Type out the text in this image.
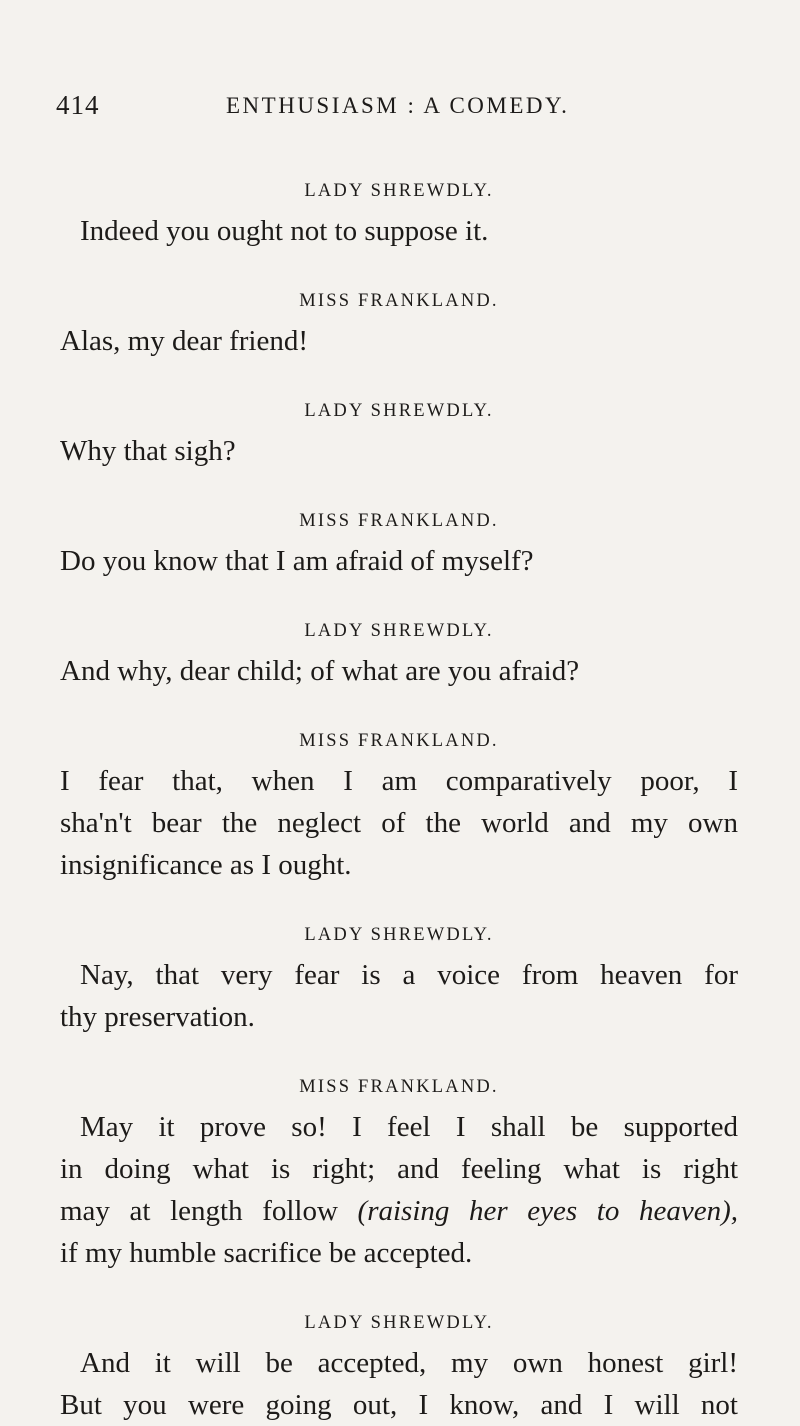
414	ENTHUSIASM : A COMEDY.

LADY SHREWDLY.

Indeed you ought not to suppose it.

MISS FRANKLAND.

Alas, my dear friend!

LADY SHREWDLY.

Why that sigh?

MISS FRANKLAND.

Do you know that I am afraid of myself?

LADY SHREWDLY.

And why, dear child; of what are you afraid?

MISS FRANKLAND.

I fear that, when I am comparatively poor, I

sha'n't bear the neglect of the world and my own

insignificance as I ought.

LADY SHREWDLY.

Nay, that very fear is a voice from heaven for

thy preservation.

MISS FRANKLAND.

May it prove so! I feel I shall be supported

in doing what is right; and feeling what is right

may at length follow (raising her eyes to heaven),

if my humble sacrifice be accepted.

LADY SHREWDLY.

And it will be accepted, my own honest girl!

But you were going out, I know, and I will not
